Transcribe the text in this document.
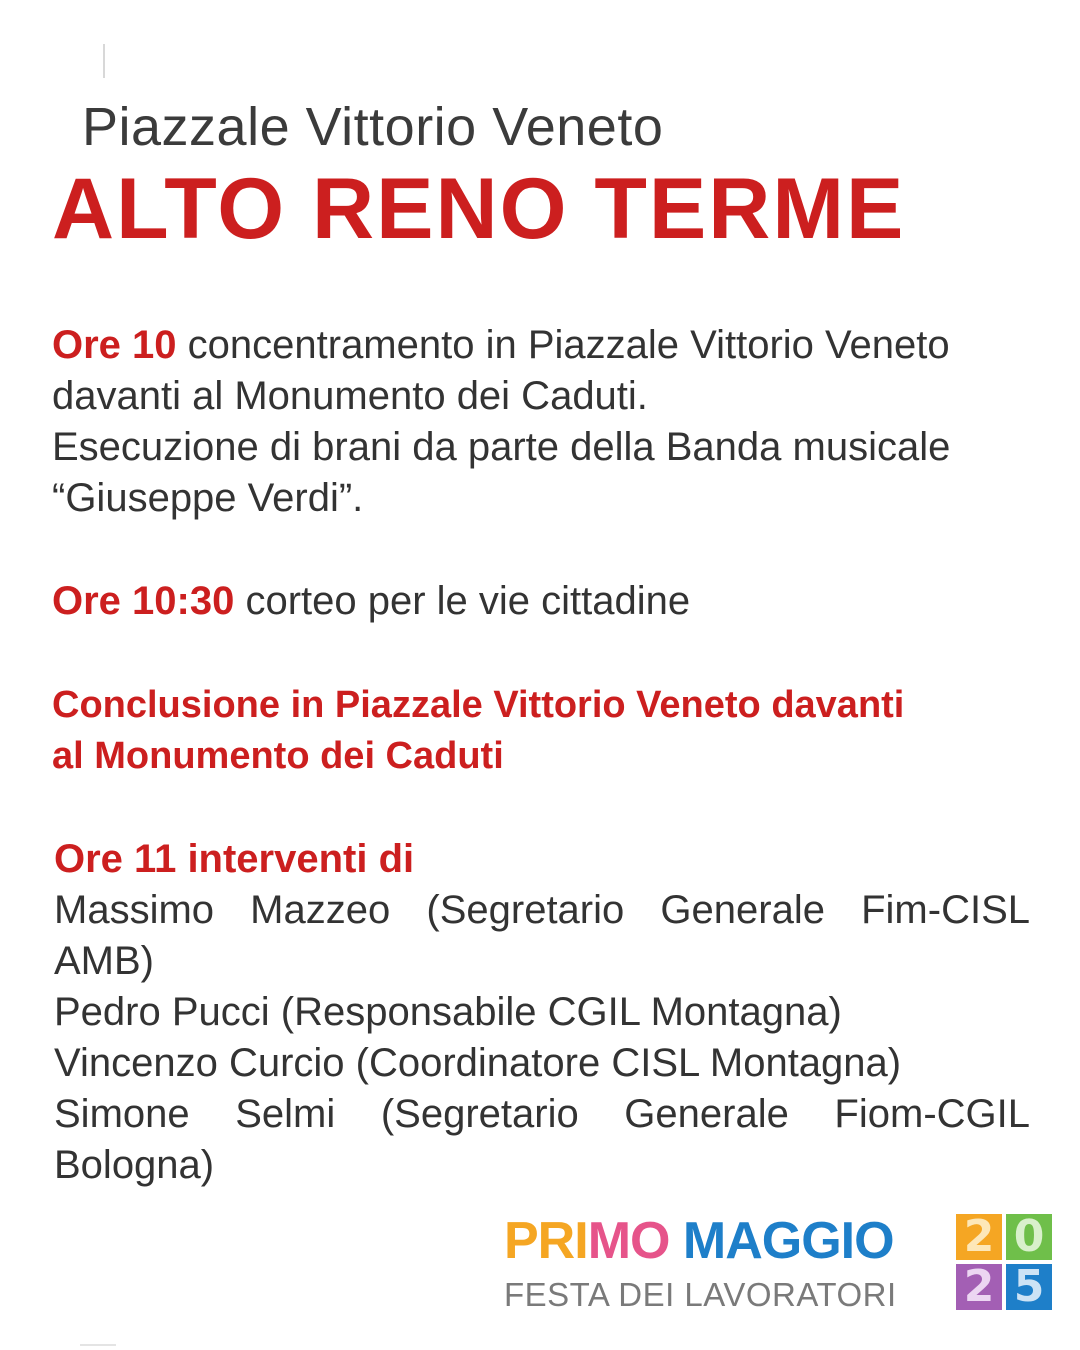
Piazzale Vittorio Veneto
ALTO RENO TERME
Ore 10 concentramento in Piazzale Vittorio Veneto
davanti al Monumento dei Caduti.
Esecuzione di brani da parte della Banda musicale
“Giuseppe Verdi”.
Ore 10:30 corteo per le vie cittadine
Conclusione in Piazzale Vittorio Veneto davanti
al Monumento dei Caduti
Ore 11 interventi di
Massimo Mazzeo (Segretario Generale Fim-CISL AMB)
Pedro Pucci (Responsabile CGIL Montagna)
Vincenzo Curcio (Coordinatore CISL Montagna)
Simone Selmi (Segretario Generale Fiom-CGIL Bologna)
PRIMO MAGGIO
FESTA DEI LAVORATORI
2 0
2 5
